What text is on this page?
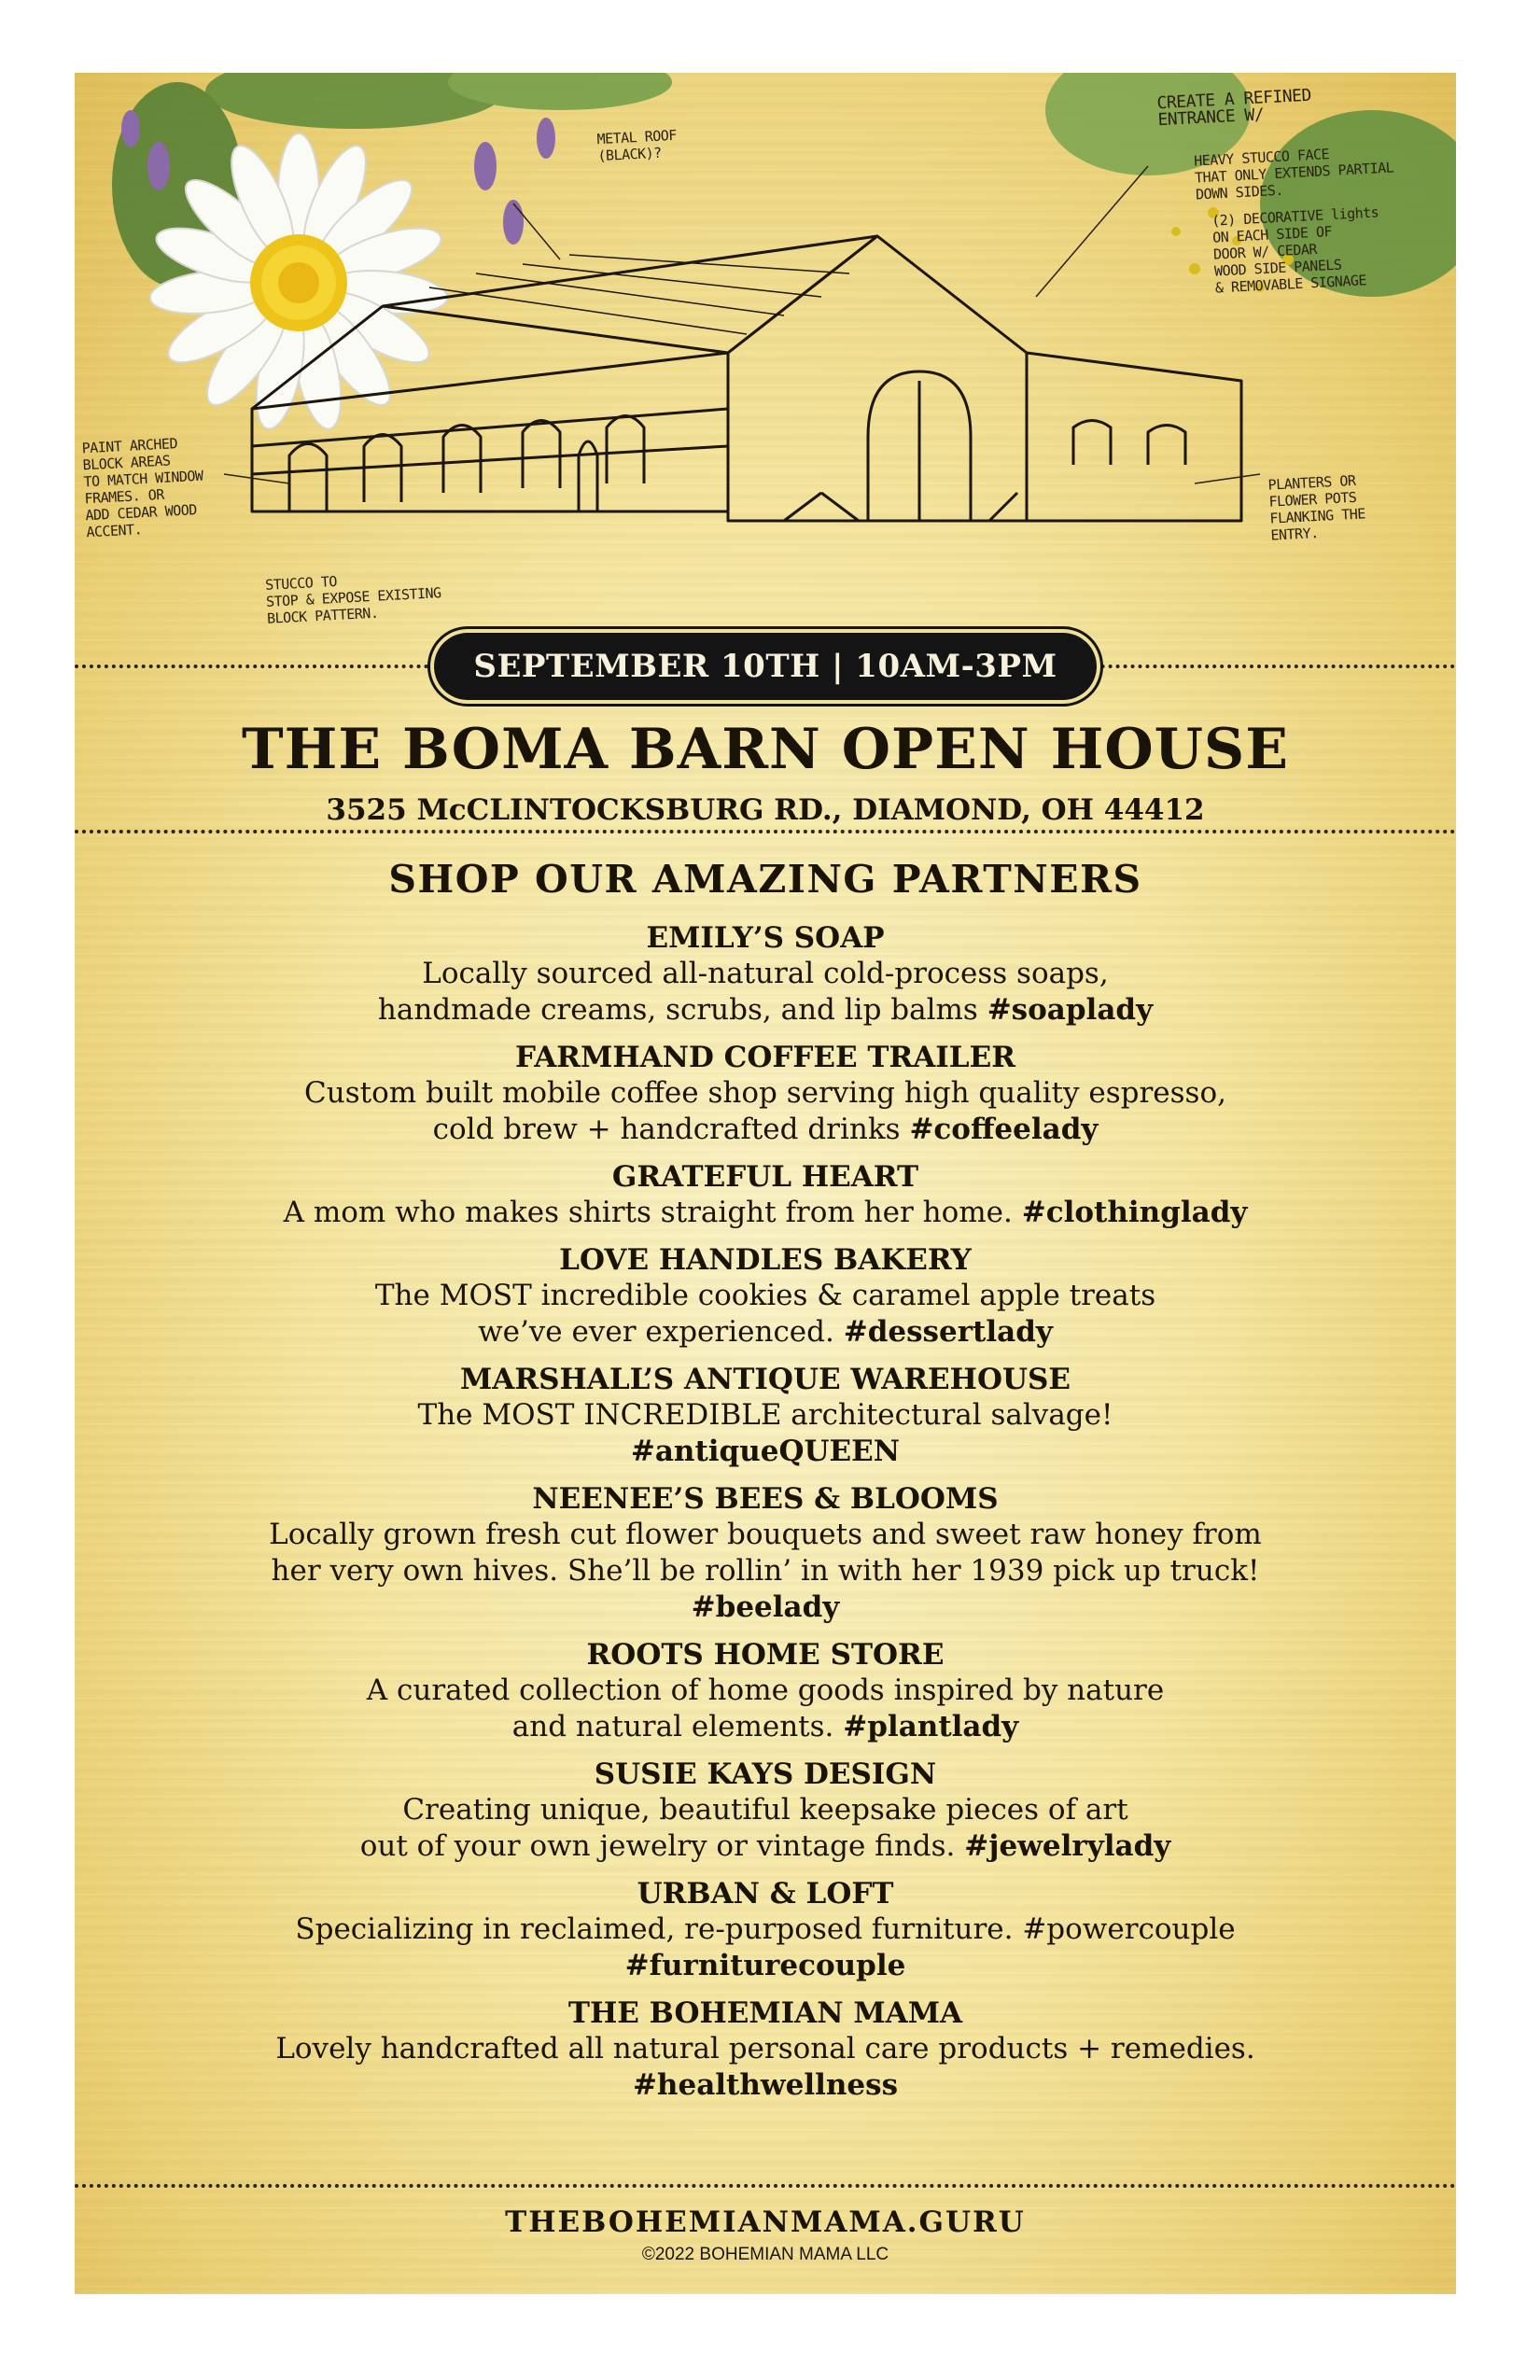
CREATE A REFINED
ENTRANCE W/
HEAVY STUCCO FACE
THAT ONLY EXTENDS PARTIAL
DOWN SIDES.
(2) DECORATIVE lights
ON EACH SIDE OF
DOOR W/ CEDAR
WOOD SIDE PANELS
& REMOVABLE SIGNAGE
METAL ROOF
(BLACK)?
PAINT ARCHED
BLOCK AREAS
TO MATCH WINDOW
FRAMES. OR
ADD CEDAR WOOD
ACCENT.
PLANTERS OR
FLOWER POTS
FLANKING THE
ENTRY.
STUCCO TO
STOP & EXPOSE EXISTING
BLOCK PATTERN.
SEPTEMBER 10TH | 10AM-3PM
THE BOMA BARN OPEN HOUSE

3525 McCLINTOCKSBURG RD., DIAMOND, OH 44412

SHOP OUR AMAZING PARTNERS
EMILY’S SOAP
Locally sourced all-natural cold-process soaps,
handmade creams, scrubs, and lip balms #soaplady
FARMHAND COFFEE TRAILER
Custom built mobile coffee shop serving high quality espresso,
cold brew + handcrafted drinks #coffeelady
GRATEFUL HEART
A mom who makes shirts straight from her home. #clothinglady
LOVE HANDLES BAKERY
The MOST incredible cookies & caramel apple treats
we’ve ever experienced. #dessertlady
MARSHALL’S ANTIQUE WAREHOUSE
The MOST INCREDIBLE architectural salvage!
#antiqueQUEEN
NEENEE’S BEES & BLOOMS
Locally grown fresh cut flower bouquets and sweet raw honey from
her very own hives. She’ll be rollin’ in with her 1939 pick up truck!
#beelady
ROOTS HOME STORE
A curated collection of home goods inspired by nature
and natural elements. #plantlady
SUSIE KAYS DESIGN
Creating unique, beautiful keepsake pieces of art
out of your own jewelry or vintage finds. #jewelrylady
URBAN & LOFT
Specializing in reclaimed, re-purposed furniture. #powercouple
#furniturecouple
THE BOHEMIAN MAMA
Lovely handcrafted all natural personal care products + remedies.
#healthwellness
THEBOHEMIANMAMA.GURU
©2022 BOHEMIAN MAMA LLC
